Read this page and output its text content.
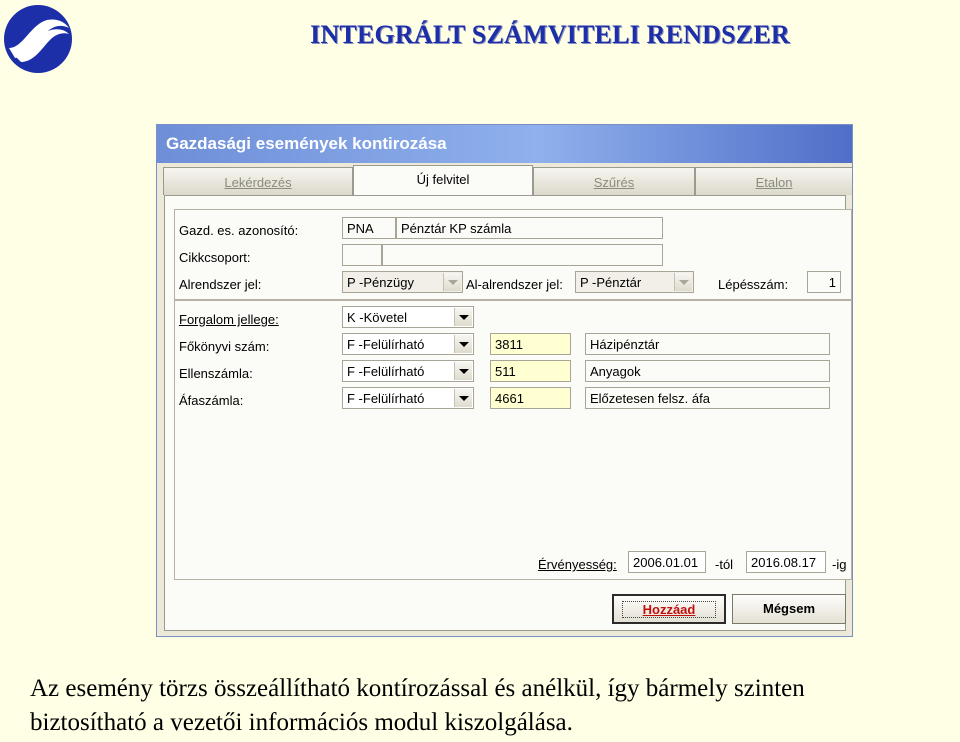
INTEGRÁLT SZÁMVITELI RENDSZER
Gazdasági események kontirozása
Lekérdezés	Új felvitel	Szűrés	Etalon
Gazd. es. azonosító:	PNA	Pénztár KP számla
Cikkcsoport:
Alrendszer jel:	P -Pénzügy	Al-alrendszer jel:	P -Pénztár	Lépésszám:	1
Forgalom jellege:	K -Követel
Főkönyvi szám:	F -Felülírható	3811	Házipénztár
Ellenszámla:	F -Felülírható	511	Anyagok
Áfaszámla:	F -Felülírható	4661	Előzetesen felsz. áfa
Érvényesség:	2006.01.01	-tól	2016.08.17	-ig
Hozzáad	Mégsem
Az esemény törzs összeállítható kontírozással és anélkül, így bármely szinten
biztosítható a vezetői információs modul kiszolgálása.
